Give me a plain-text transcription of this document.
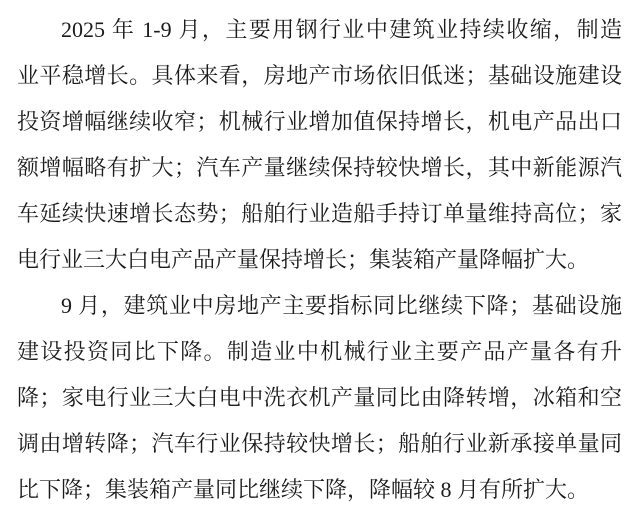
2025 年 1-9 月，主要用钢行业中建筑业持续收缩，制造
业平稳增长。具体来看，房地产市场依旧低迷；基础设施建设
投资增幅继续收窄；机械行业增加值保持增长，机电产品出口
额增幅略有扩大；汽车产量继续保持较快增长，其中新能源汽
车延续快速增长态势；船舶行业造船手持订单量维持高位；家
电行业三大白电产品产量保持增长；集装箱产量降幅扩大。
9 月，建筑业中房地产主要指标同比继续下降；基础设施
建设投资同比下降。制造业中机械行业主要产品产量各有升
降；家电行业三大白电中洗衣机产量同比由降转增，冰箱和空
调由增转降；汽车行业保持较快增长；船舶行业新承接单量同
比下降；集装箱产量同比继续下降，降幅较 8 月有所扩大。
